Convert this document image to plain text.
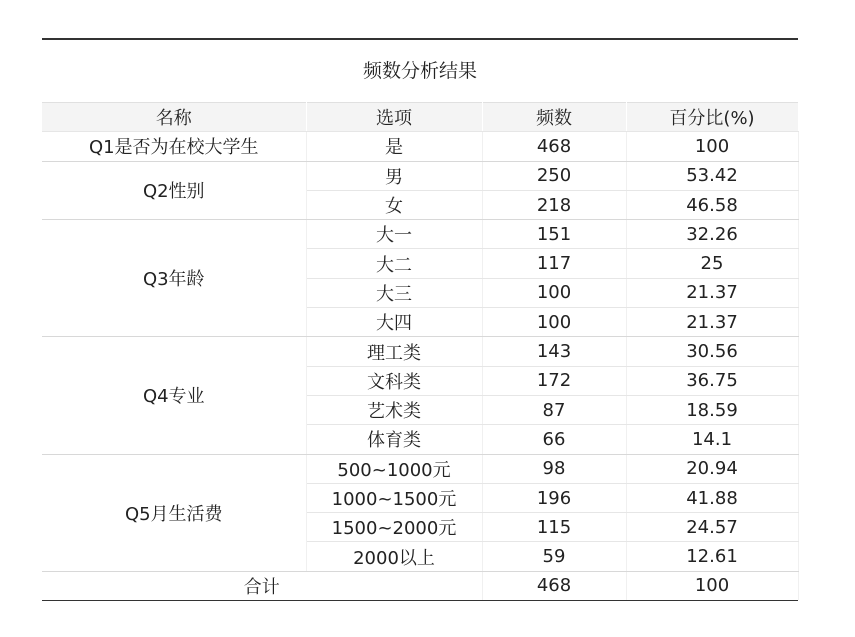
频数分析结果
名称	选项	频数	百分比(%)
Q1是否为在校大学生	是	468	100
Q2性别	男	250	53.42
	女	218	46.58
Q3年龄	大一	151	32.26
	大二	117	25
	大三	100	21.37
	大四	100	21.37
Q4专业	理工类	143	30.56
	文科类	172	36.75
	艺术类	87	18.59
	体育类	66	14.1
Q5月生活费	500~1000元	98	20.94
	1000~1500元	196	41.88
	1500~2000元	115	24.57
	2000以上	59	12.61
合计		468	100
